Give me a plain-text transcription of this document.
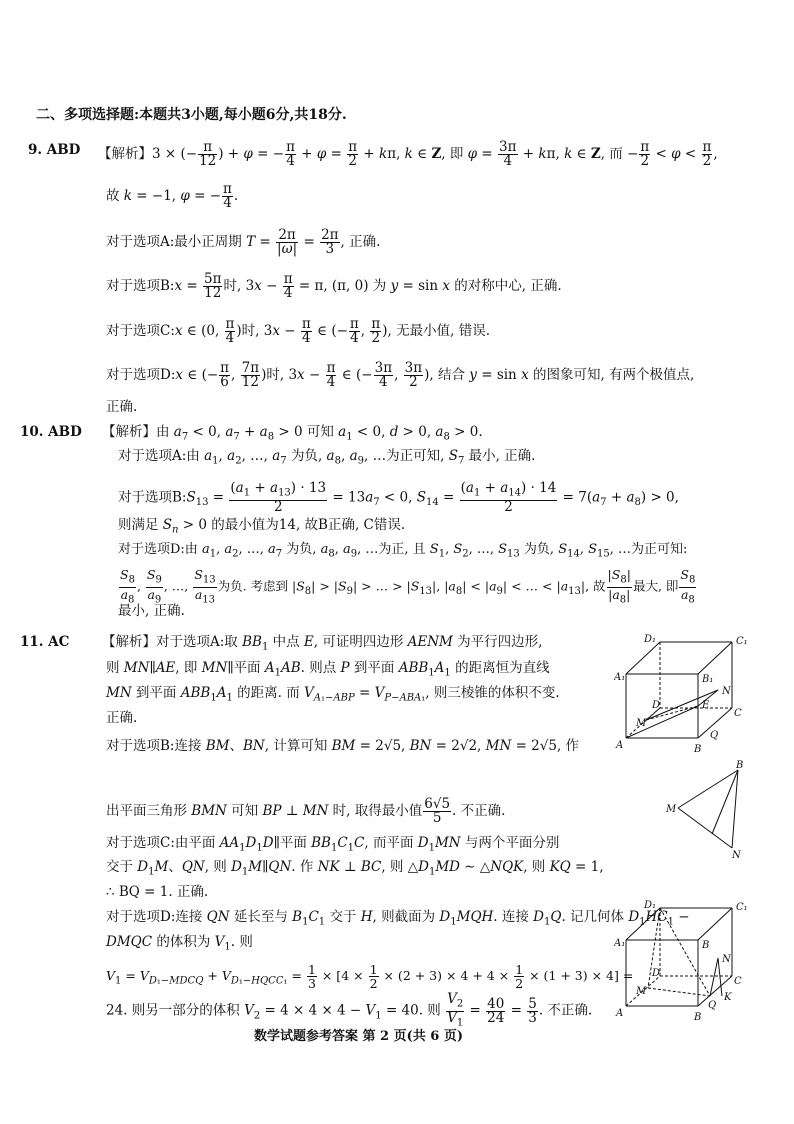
二、多项选择题:本题共3小题,每小题6分,共18分.
9. ABD 【解析】3 × (− $\frac{\pi}{12}$ ) + φ = − $\frac{\pi}{4} + \varphi = \frac{\pi}{2} + k\pi$, k ∈ Z, 即 $\varphi = \frac{3\pi}{4} + k\pi$, k ∈ Z, 而 − $\frac{\pi}{2} < \varphi < \frac{\pi}{2}$ ,
故 k = −1, φ = − $\frac{\pi}{4}$ .
对于选项A:最小正周期 $T = \frac{2\pi}{|\omega|} = \frac{2\pi}{3}$ , 正确.
对于选项B:x = $\frac{5\pi}{12}$ 时, $3x - \frac{\pi}{4} = \pi$, (π, 0) 为 y = sin x 的对称中心, 正确.
对于选项C:x ∈ (0, $\frac{\pi}{4}$ )时, $3x - \frac{\pi}{4}$ ∈ (− $\frac{\pi}{4}$ , $\frac{\pi}{2}$ ), 无最小值, 错误.
对于选项D:x ∈ (− $\frac{\pi}{6}$ , $\frac{7\pi}{12}$ )时, $3x - \frac{\pi}{4}$ ∈ (− $\frac{3\pi}{4}$ , $\frac{3\pi}{2}$ ), 结合 y = sin x 的图象可知, 有两个极值点,
正确.
10. ABD 【解析】由 $a_7 < 0$, $a_7 + a_8 > 0$ 可知 $a_1 < 0$, d > 0, $a_8 > 0$.
对于选项A:由 $a_1$, $a_2$, …, $a_7$ 为负, $a_8$, $a_9$, …为正可知, $S_7$ 最小, 正确.
对于选项$B:S_{13} = \frac{(a_1 + a_{13}) \cdot 13}{2} = 13a_7 < 0$, $S_{14} = \frac{(a_1 + a_{14}) \cdot 14}{2} = 7(a_7 + a_8) > 0$,
则满足 $S_n > 0$ 的最小值为14, 故B正确, C错误.
对于选项D:由 $a_1$, $a_2$, …, $a_7$ 为负, $a_8$, $a_9$, …为正, 且 $S_1$, $S_2$, …, $S_{13}$ 为负, $S_{14}$, $S_{15}$, …为正可知:
$\frac{S_8}{a_8}$ , $\frac{S_9}{a_9}$ , …, $\frac{S_{13}}{a_{13}}$ 为负. 考虑到 $|S_8| > |S_9|$ > … > $|S_{13}|$, $|a_8| < |a_9|$ < … < $|a_{13}|$, 故 $\frac{|S_8|}{|a_8|}$ 最大, 即 $\frac{S_8}{a_8}$
最小, 正确.
11. AC 【解析】对于选项A:取 $BB_1$ 中点 E, 可证明四边形 AENM 为平行四边形,
则 MN∥AE, 即 MN∥平面 $A_1AB$. 则点 P 到平面 $ABB_1A_1$ 的距离恒为直线
MN 到平面 $ABB_1A_1$ 的距离. 而 $V_{A_1-ABP} = V_{P-ABA_1}$, 则三棱锥的体积不变.
正确.
对于选项B:连接 BM、BN, 计算可知 BM = 2√5, BN = 2√2, MN = 2√5, 作
出平面三角形 BMN 可知 BP ⊥ MN 时, 取得最小值 $\frac{6√5}{5}$ . 不正确.
对于选项C:由平面 $AA_1D_1D\parallel$平面 $BB_1C_1C$, 而平面 $D_1MN$ 与两个平面分别
交于 $D_1M$、QN, 则 $D_1M\parallel QN$. 作 NK ⊥ BC, 则 $\triangle D_1MD$ ∼ △NQK, 则 KQ = 1,
∴ BQ = 1. 正确.
对于选项D:连接 QN 延长至与 $B_1C_1$ 交于 H, 则截面为 $D_1MQH$. 连接 $D_1Q$. 记几何体 $D_1HC_1$ −
DMQC 的体积为 $V_1$. 则
$V_1 = V_{D_1-MDCQ} + V_{D_1-HQCC_1} = \frac{1}{3} \times [4 \times \frac{1}{2} \times (2 + 3) \times 4 + 4 \times \frac{1}{2} \times (1 + 3) \times 4]$ =
24. 则另一部分的体积 $V_2 = 4 \times 4 \times 4 - V_1 = 40$. 则 $\frac{V_2}{V_1} = \frac{40}{24} = \frac{5}{3}$ . 不正确.
D₁	C₁
A₁	B₁
N
D	E
C
M
A	B
Q
B
M
N
D₁	C₁
A₁	B
N
D
C
M
K
A	B
Q
数学试题参考答案 第 2 页(共 6 页)
